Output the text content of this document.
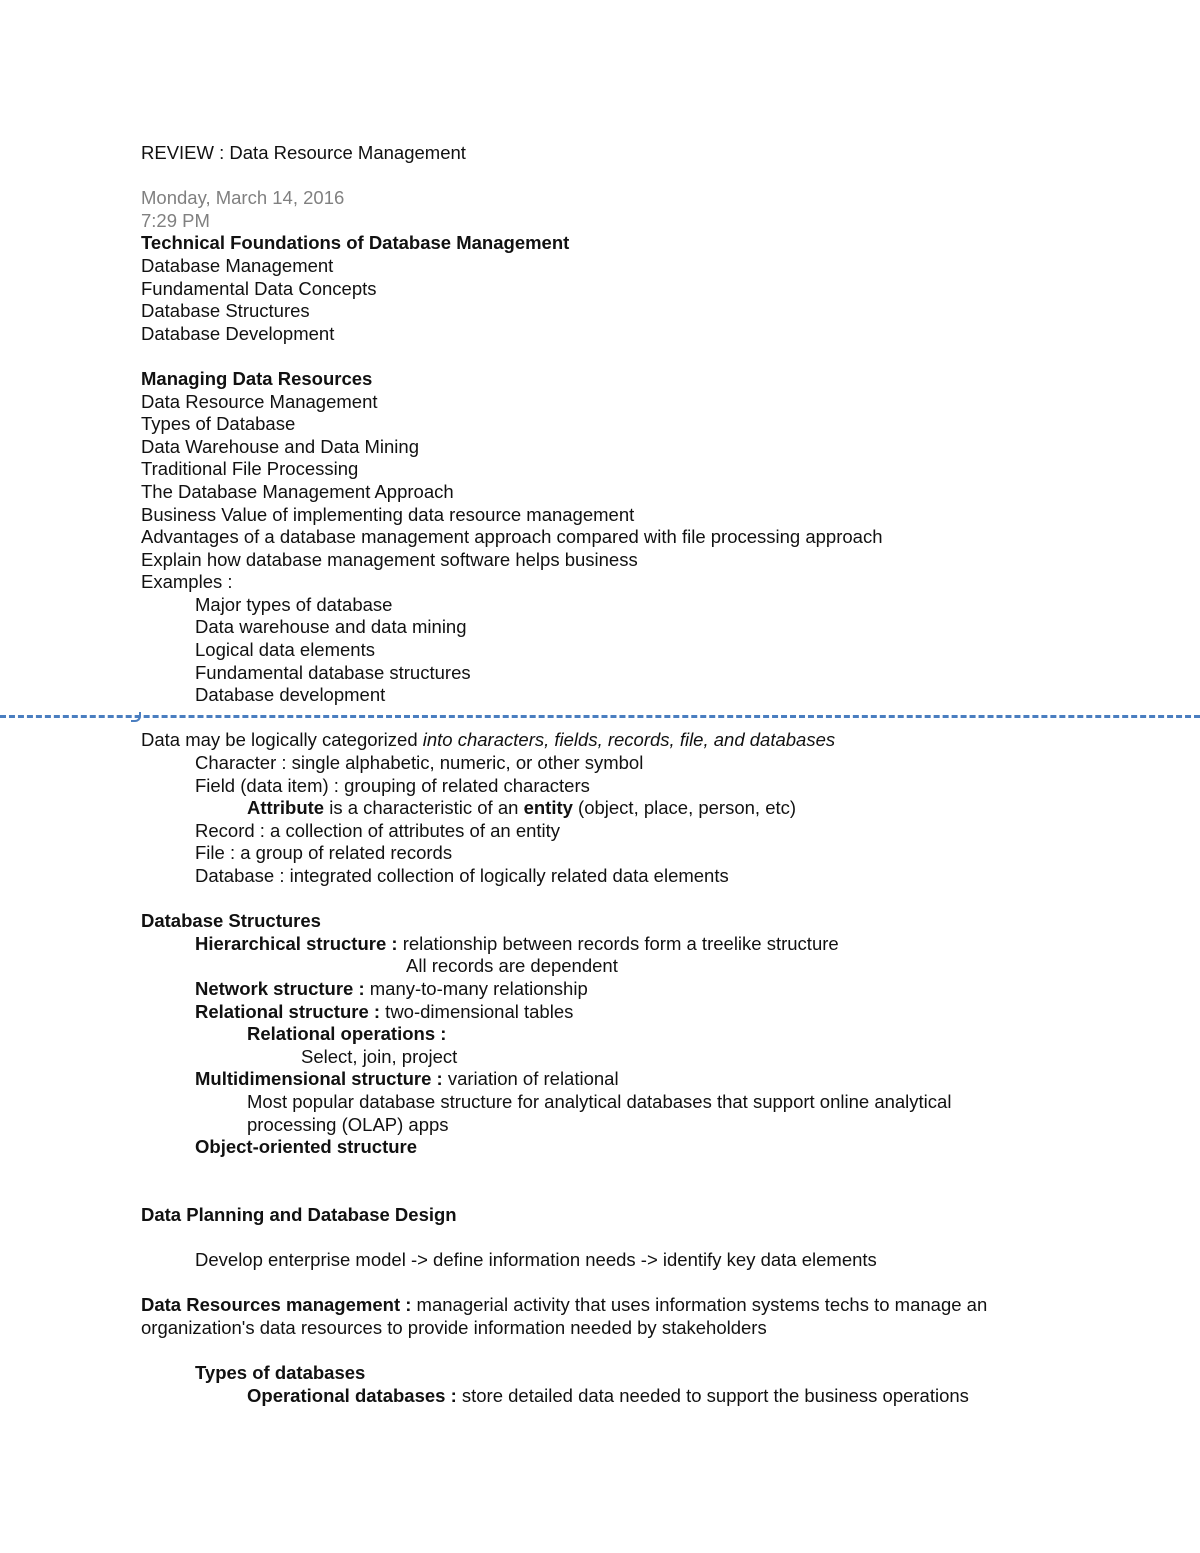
REVIEW : Data Resource Management
Monday, March 14, 2016
7:29 PM
Technical Foundations of Database Management
Database Management
Fundamental Data Concepts
Database Structures
Database Development
Managing Data Resources
Data Resource Management
Types of Database
Data Warehouse and Data Mining
Traditional File Processing
The Database Management Approach
Business Value of implementing data resource management
Advantages of a database management approach compared with file processing approach
Explain how database management software helps business
Examples :
Major types of database
Data warehouse and data mining
Logical data elements
Fundamental database structures
Database development
Data may be logically categorized into characters, fields, records, file, and databases
Character : single alphabetic, numeric, or other symbol
Field (data item) : grouping of related characters
Attribute is a characteristic of an entity (object, place, person, etc)
Record : a collection of attributes of an entity
File : a group of related records
Database : integrated collection of logically related data elements
Database Structures
Hierarchical structure : relationship between records form a treelike structure
All records are dependent
Network structure : many-to-many relationship
Relational structure : two-dimensional tables
Relational operations :
Select, join, project
Multidimensional structure : variation of relational
Most popular database structure for analytical databases that support online analytical processing (OLAP) apps
Object-oriented structure
Data Planning and Database Design
Develop enterprise model -> define information needs -> identify key data elements
Data Resources management : managerial activity that uses information systems techs to manage an organization's data resources to provide information needed by stakeholders
Types of databases
Operational databases : store detailed data needed to support the business operations
